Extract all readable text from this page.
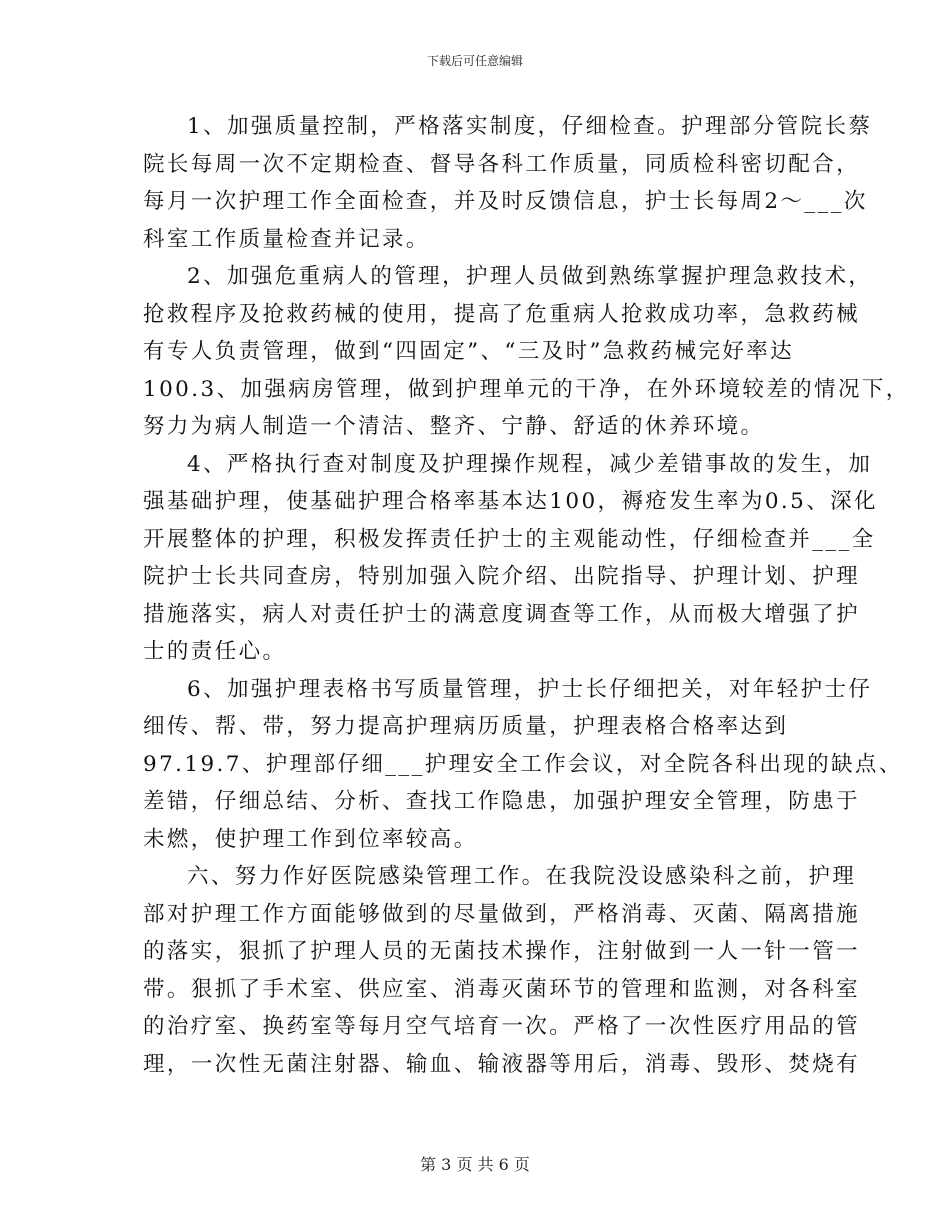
下载后可任意编辑
1、加强质量控制，严格落实制度，仔细检查。护理部分管院长蔡
院长每周一次不定期检查、督导各科工作质量，同质检科密切配合，
每月一次护理工作全面检查，并及时反馈信息，护士长每周2～___次
科室工作质量检查并记录。
2、加强危重病人的管理，护理人员做到熟练掌握护理急救技术，
抢救程序及抢救药械的使用，提高了危重病人抢救成功率，急救药械
有专人负责管理，做到“四固定”、“三及时”急救药械完好率达
100.3、加强病房管理，做到护理单元的干净，在外环境较差的情况下，
努力为病人制造一个清洁、整齐、宁静、舒适的休养环境。
4、严格执行查对制度及护理操作规程，减少差错事故的发生，加
强基础护理，使基础护理合格率基本达100，褥疮发生率为0.5、深化
开展整体的护理，积极发挥责任护士的主观能动性，仔细检查并___全
院护士长共同查房，特别加强入院介绍、出院指导、护理计划、护理
措施落实，病人对责任护士的满意度调查等工作，从而极大增强了护
士的责任心。
6、加强护理表格书写质量管理，护士长仔细把关，对年轻护士仔
细传、帮、带，努力提高护理病历质量，护理表格合格率达到
97.19.7、护理部仔细___护理安全工作会议，对全院各科出现的缺点、
差错，仔细总结、分析、查找工作隐患，加强护理安全管理，防患于
未燃，使护理工作到位率较高。
六、努力作好医院感染管理工作。在我院没设感染科之前，护理
部对护理工作方面能够做到的尽量做到，严格消毒、灭菌、隔离措施
的落实，狠抓了护理人员的无菌技术操作，注射做到一人一针一管一
带。狠抓了手术室、供应室、消毒灭菌环节的管理和监测，对各科室
的治疗室、换药室等每月空气培育一次。严格了一次性医疗用品的管
理，一次性无菌注射器、输血、输液器等用后，消毒、毁形、焚烧有
第 3 页 共 6 页
